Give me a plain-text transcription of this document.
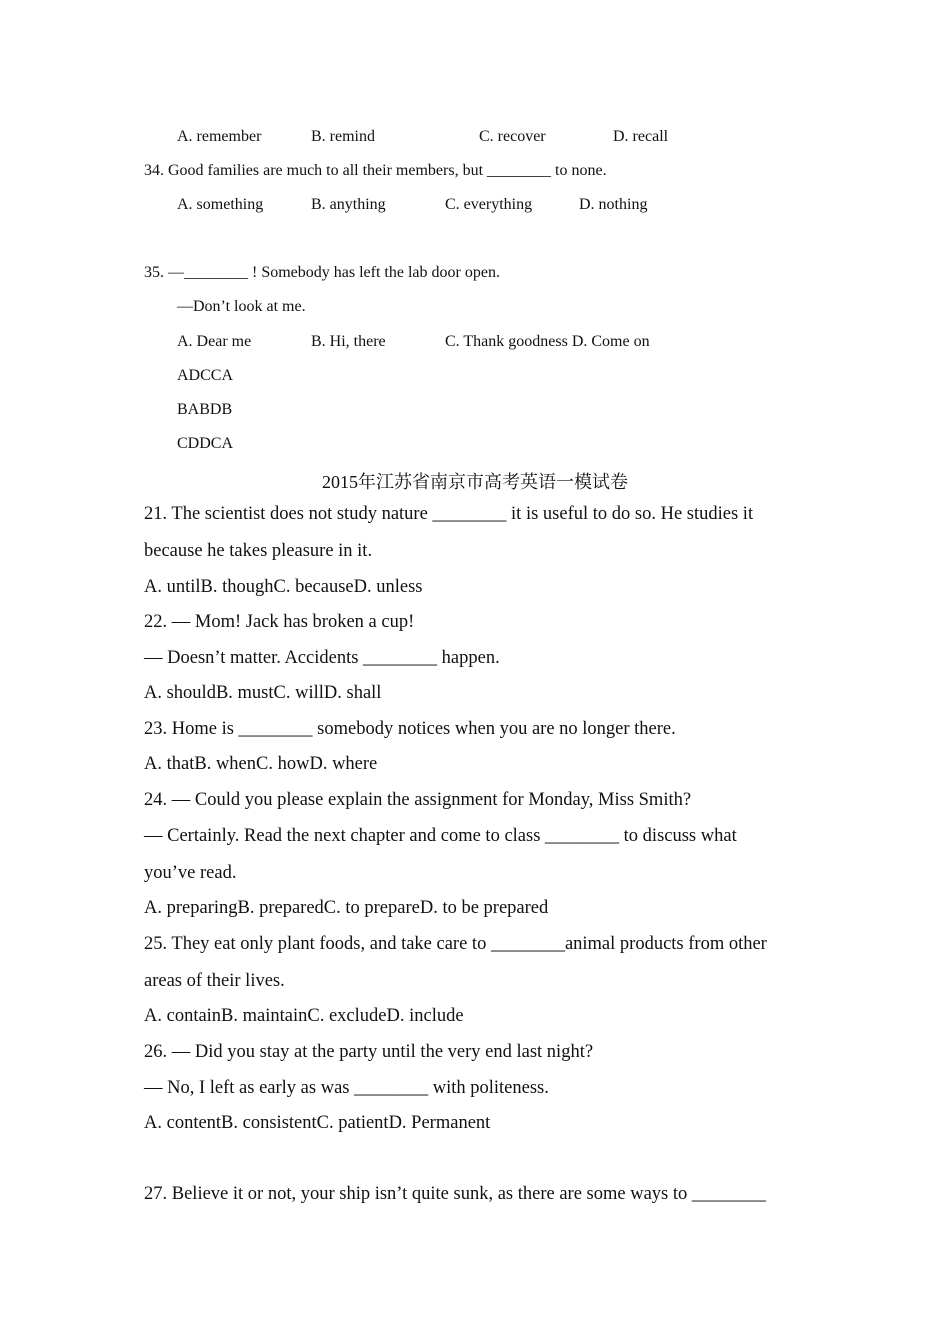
A. remember	B. remind	C. recover	D. recall
34. Good families are much to all their members, but ________ to none.
A. something	B. anything	C. everything	D. nothing
35. —________ ! Somebody has left the lab door open.
—Don’t look at me.
A. Dear me	B. Hi, there	C. Thank goodness D. Come on
ADCCA
BABDB
CDDCA
2015年江苏省南京市高考英语一模试卷
21. The scientist does not study nature ________ it is useful to do so. He studies it
because he takes pleasure in it.
A. untilB. thoughC. becauseD. unless
22. — Mom! Jack has broken a cup!
— Doesn’t matter. Accidents ________ happen.
A. shouldB. mustC. willD. shall
23. Home is ________ somebody notices when you are no longer there.
A. thatB. whenC. howD. where
24. — Could you please explain the assignment for Monday, Miss Smith?
— Certainly. Read the next chapter and come to class ________ to discuss what
you’ve read.
A. preparingB. preparedC. to prepareD. to be prepared
25. They eat only plant foods, and take care to ________animal products from other
areas of their lives.
A. containB. maintainC. excludeD. include
26. — Did you stay at the party until the very end last night?
— No, I left as early as was ________ with politeness.
A. contentB. consistentC. patientD. Permanent
27. Believe it or not, your ship isn’t quite sunk, as there are some ways to ________
